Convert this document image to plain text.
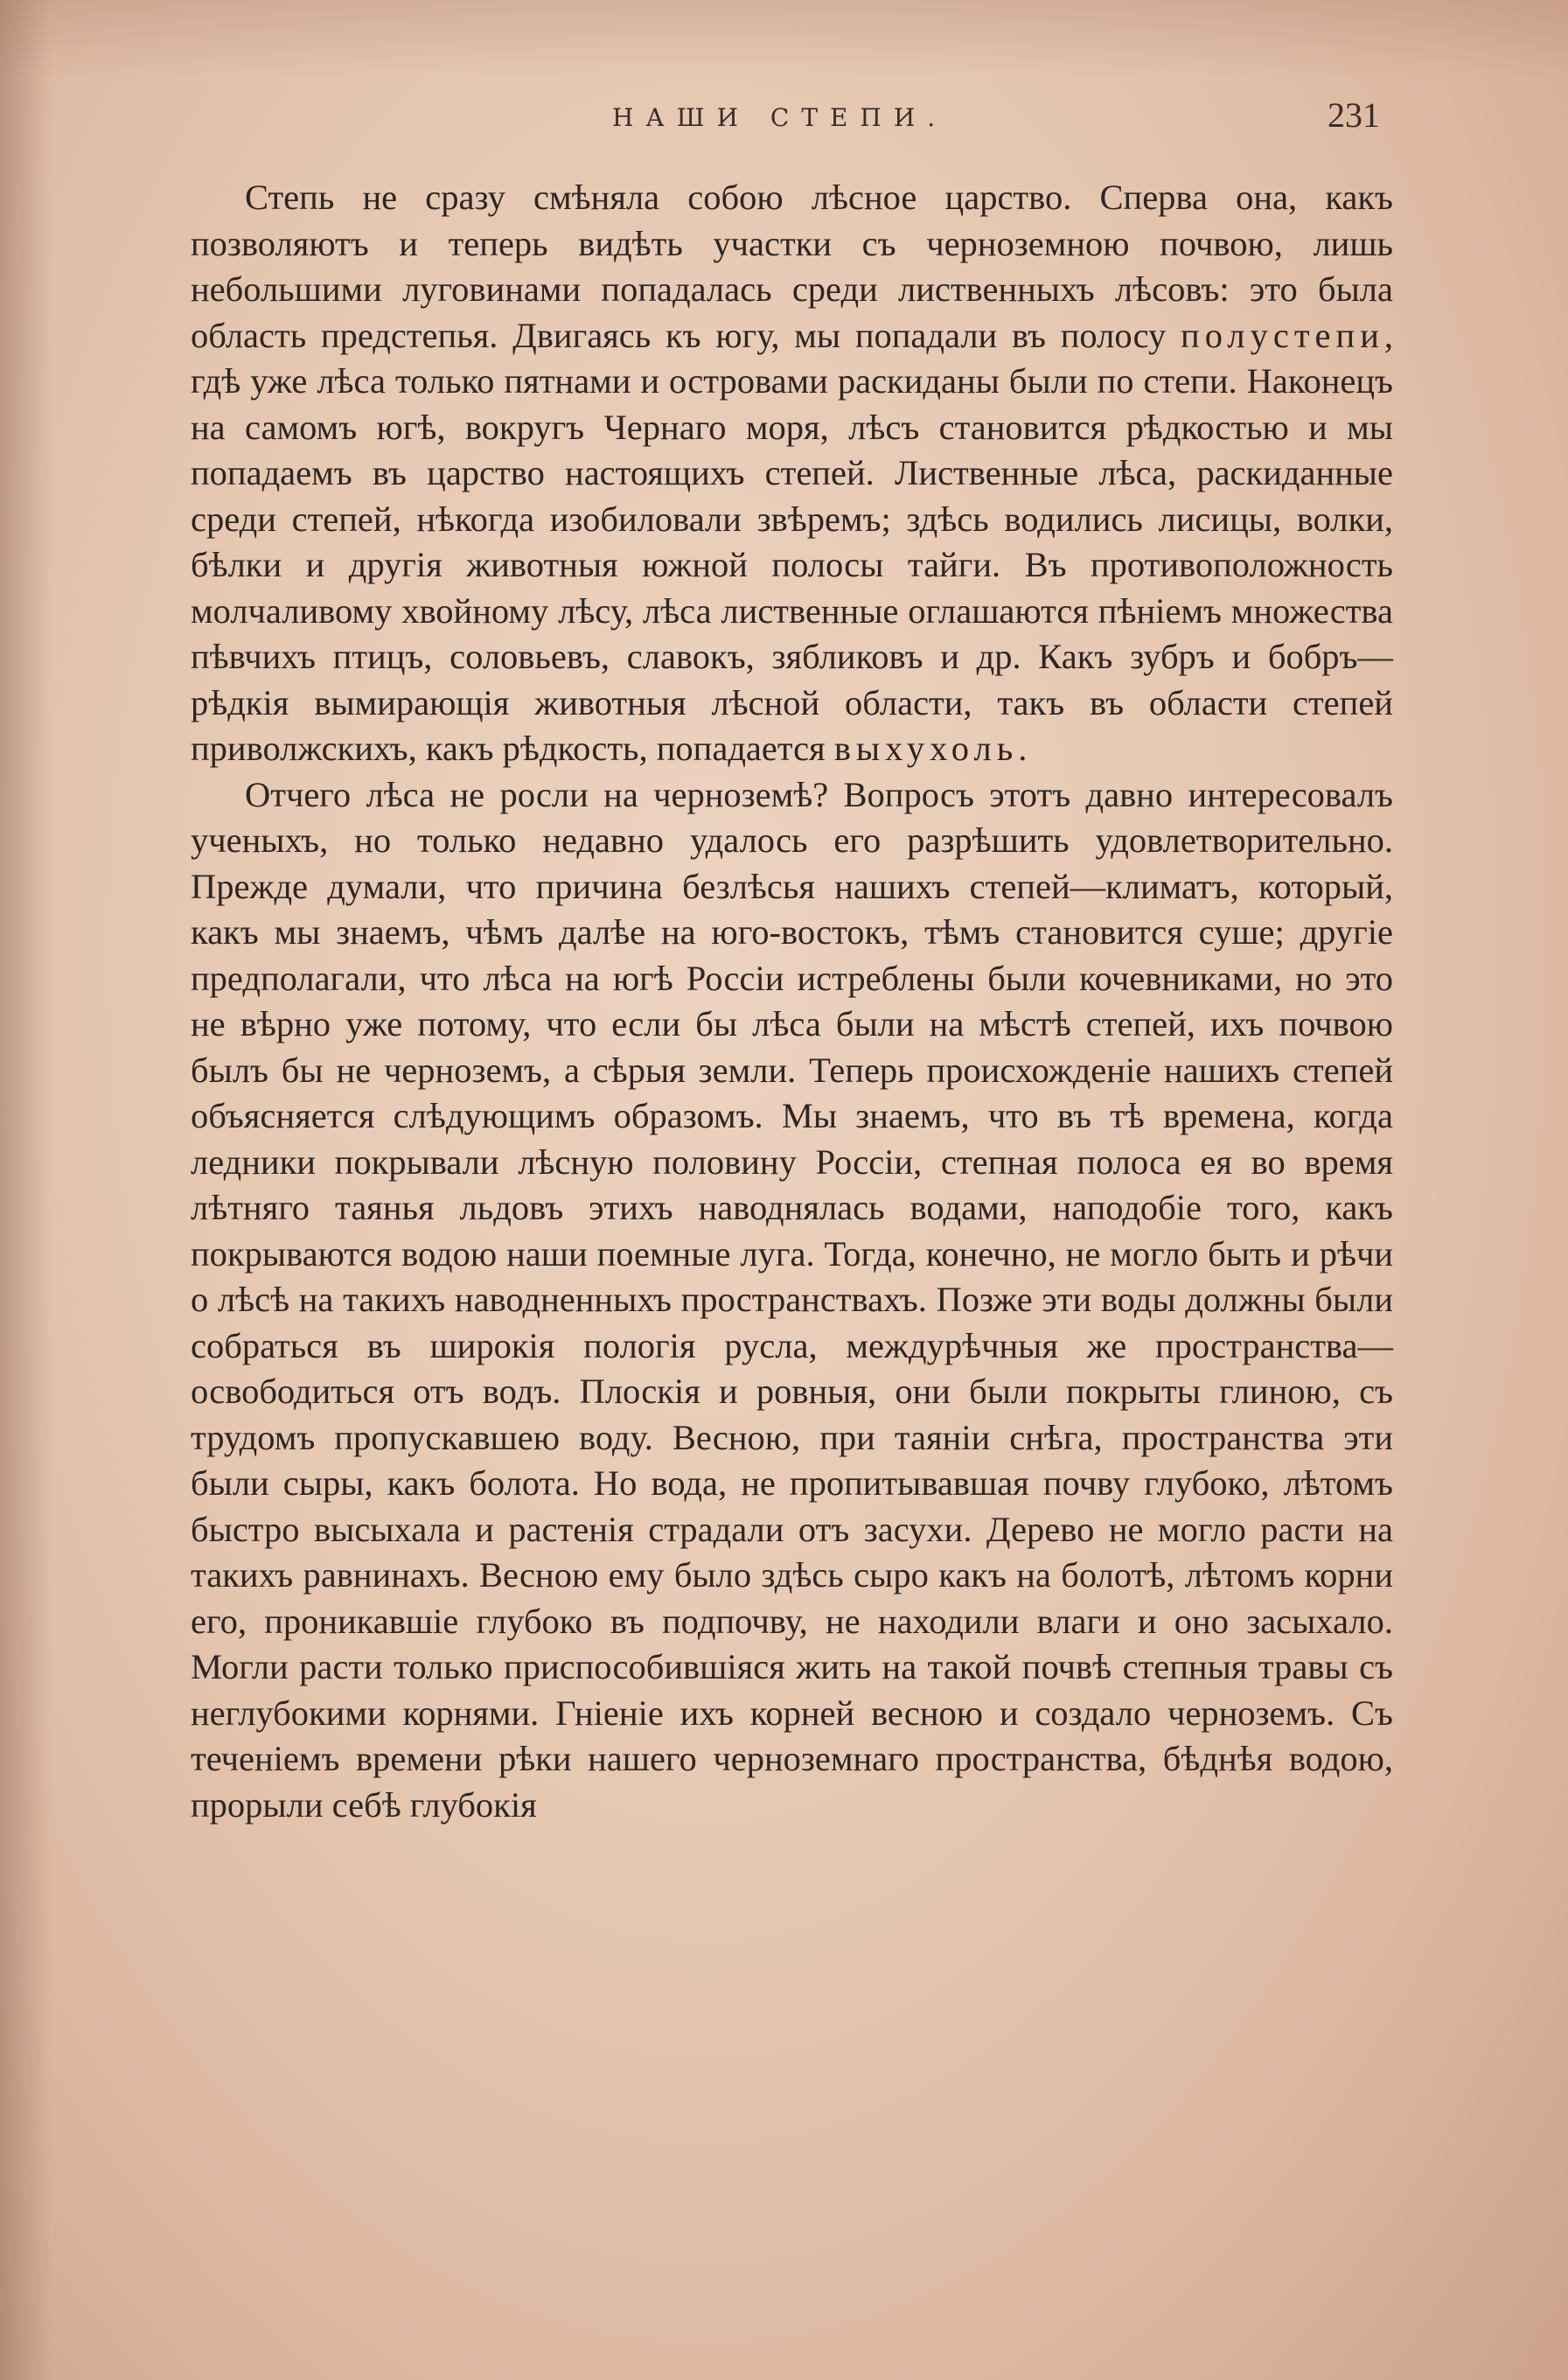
НАШИ СТЕПИ.	231

Степь не сразу смѣняла собою лѣсное царство. Сперва она, какъ позволяютъ и теперь видѣть участки съ черноземною почвою, лишь небольшими луговинами попадалась среди лиственныхъ лѣсовъ: это была область предстепья. Двигаясь къ югу, мы попадали въ полосу полустепи, гдѣ уже лѣса только пятнами и островами раскиданы были по степи. Наконецъ на самомъ югѣ, вокругъ Чернаго моря, лѣсъ становится рѣдкостью и мы попадаемъ въ царство настоящихъ степей. Лиственные лѣса, раскиданные среди степей, нѣкогда изобиловали звѣремъ; здѣсь водились лисицы, волки, бѣлки и другія животныя южной полосы тайги. Въ противоположность молчаливому хвойному лѣсу, лѣса лиственные оглашаются пѣніемъ множества пѣвчихъ птицъ, соловьевъ, славокъ, зябликовъ и др. Какъ зубръ и бобръ—рѣдкія вымирающія животныя лѣсной области, такъ въ области степей приволжскихъ, какъ рѣдкость, попадается выхухоль.

Отчего лѣса не росли на черноземѣ? Вопросъ этотъ давно интересовалъ ученыхъ, но только недавно удалось его разрѣшить удовлетворительно. Прежде думали, что причина безлѣсья нашихъ степей—климатъ, который, какъ мы знаемъ, чѣмъ далѣе на юго-востокъ, тѣмъ становится суше; другіе предполагали, что лѣса на югѣ Россіи истреблены были кочевниками, но это не вѣрно уже потому, что если бы лѣса были на мѣстѣ степей, ихъ почвою былъ бы не черноземъ, а сѣрыя земли. Теперь происхожденіе нашихъ степей объясняется слѣдующимъ образомъ. Мы знаемъ, что въ тѣ времена, когда ледники покрывали лѣсную половину Россіи, степная полоса ея во время лѣтняго таянья льдовъ этихъ наводнялась водами, наподобіе того, какъ покрываются водою наши поемные луга. Тогда, конечно, не могло быть и рѣчи о лѣсѣ на такихъ наводненныхъ пространствахъ. Позже эти воды должны были собраться въ широкія пологія русла, междурѣчныя же пространства—освободиться отъ водъ. Плоскія и ровныя, они были покрыты глиною, съ трудомъ пропускавшею воду. Весною, при таяніи снѣга, пространства эти были сыры, какъ болота. Но вода, не пропитывавшая почву глубоко, лѣтомъ быстро высыхала и растенія страдали отъ засухи. Дерево не могло расти на такихъ равнинахъ. Весною ему было здѣсь сыро какъ на болотѣ, лѣтомъ корни его, проникавшіе глубоко въ подпочву, не находили влаги и оно засыхало. Могли расти только приспособившіяся жить на такой почвѣ степныя травы съ неглубокими корнями. Гніеніе ихъ корней весною и создало черноземъ. Съ теченіемъ времени рѣки нашего черноземнаго пространства, бѣднѣя водою, прорыли себѣ глубокія
